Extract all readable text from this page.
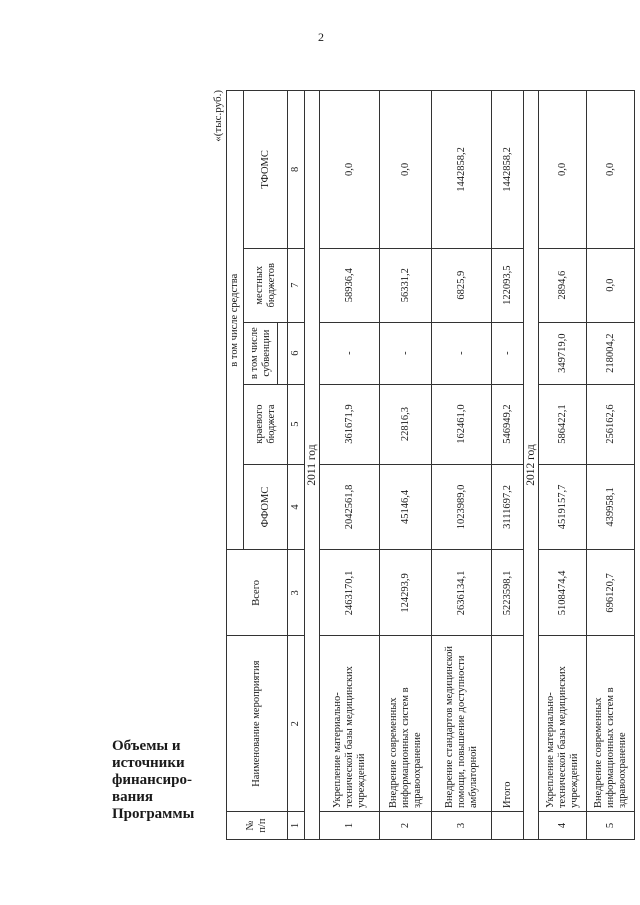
2
Объемы и
источники
финансиро-
вания
Программы
«(тыс.руб.)
№ п/п	Наименование мероприятия	Всего	в том числе средства				
			ФФОМС	краевого бюджета	в том числе субвенции	местных бюджетов	ТФОМС

1	2	3	4	5	6	7	8
2011 год							
1	Укрепление материально-технической базы медицинских учреждений	2463170,1	2042561,8	361671,9	-	58936,4	0,0
2	Внедрение современных информационных систем в здравоохранение	124293,9	45146,4	22816,3	-	56331,2	0,0
3	Внедрение стандартов медицинской помощи, повышение доступности амбулаторной	2636134,1	1023989,0	162461,0	-	6825,9	1442858,2
	Итого	5223598,1	3111697,2	546949,2	-	122093,5	1442858,2
2012 год							
4	Укрепление материально-технической базы медицинских учреждений	5108474,4	4519157,7	586422,1	349719,0	2894,6	0,0
5	Внедрение современных информационных систем в здравоохранение	696120,7	439958,1	256162,6	218004,2	0,0	0,0
